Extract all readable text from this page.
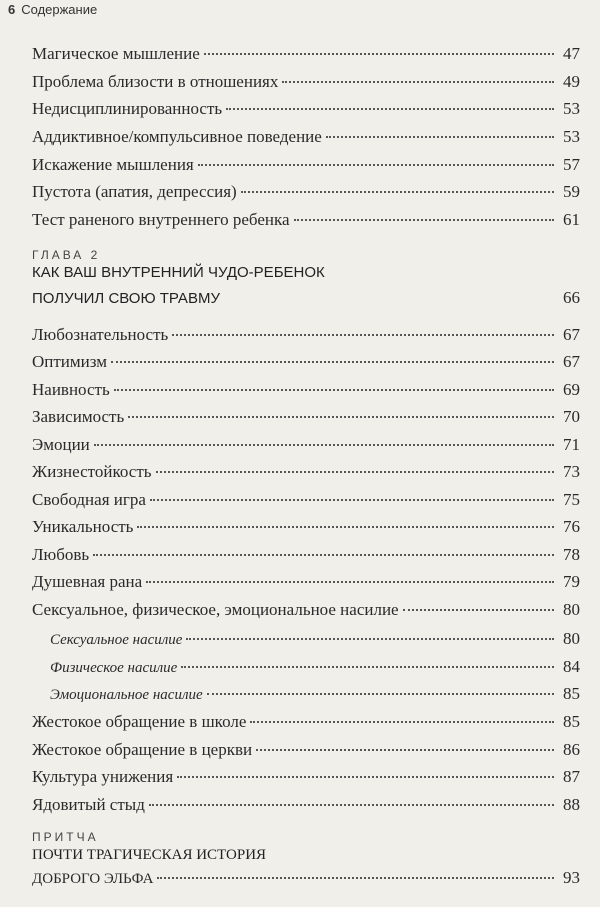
6 Содержание
Магическое мышление	47
Проблема близости в отношениях	49
Недисциплинированность	53
Аддиктивное/компульсивное поведение	53
Искажение мышления	57
Пустота (апатия, депрессия)	59
Тест раненого внутреннего ребенка	61
ГЛАВА 2
КАК ВАШ ВНУТРЕННИЙ ЧУДО-РЕБЕНОК
ПОЛУЧИЛ СВОЮ ТРАВМУ	66
Любознательность	67
Оптимизм	67
Наивность	69
Зависимость	70
Эмоции	71
Жизнестойкость	73
Свободная игра	75
Уникальность	76
Любовь	78
Душевная рана	79
Сексуальное, физическое, эмоциональное насилие	80
Сексуальное насилие	80
Физическое насилие	84
Эмоциональное насилие	85
Жестокое обращение в школе	85
Жестокое обращение в церкви	86
Культура унижения	87
Ядовитый стыд	88
ПРИТЧА
ПОЧТИ ТРАГИЧЕСКАЯ ИСТОРИЯ
ДОБРОГО ЭЛЬФА	93
